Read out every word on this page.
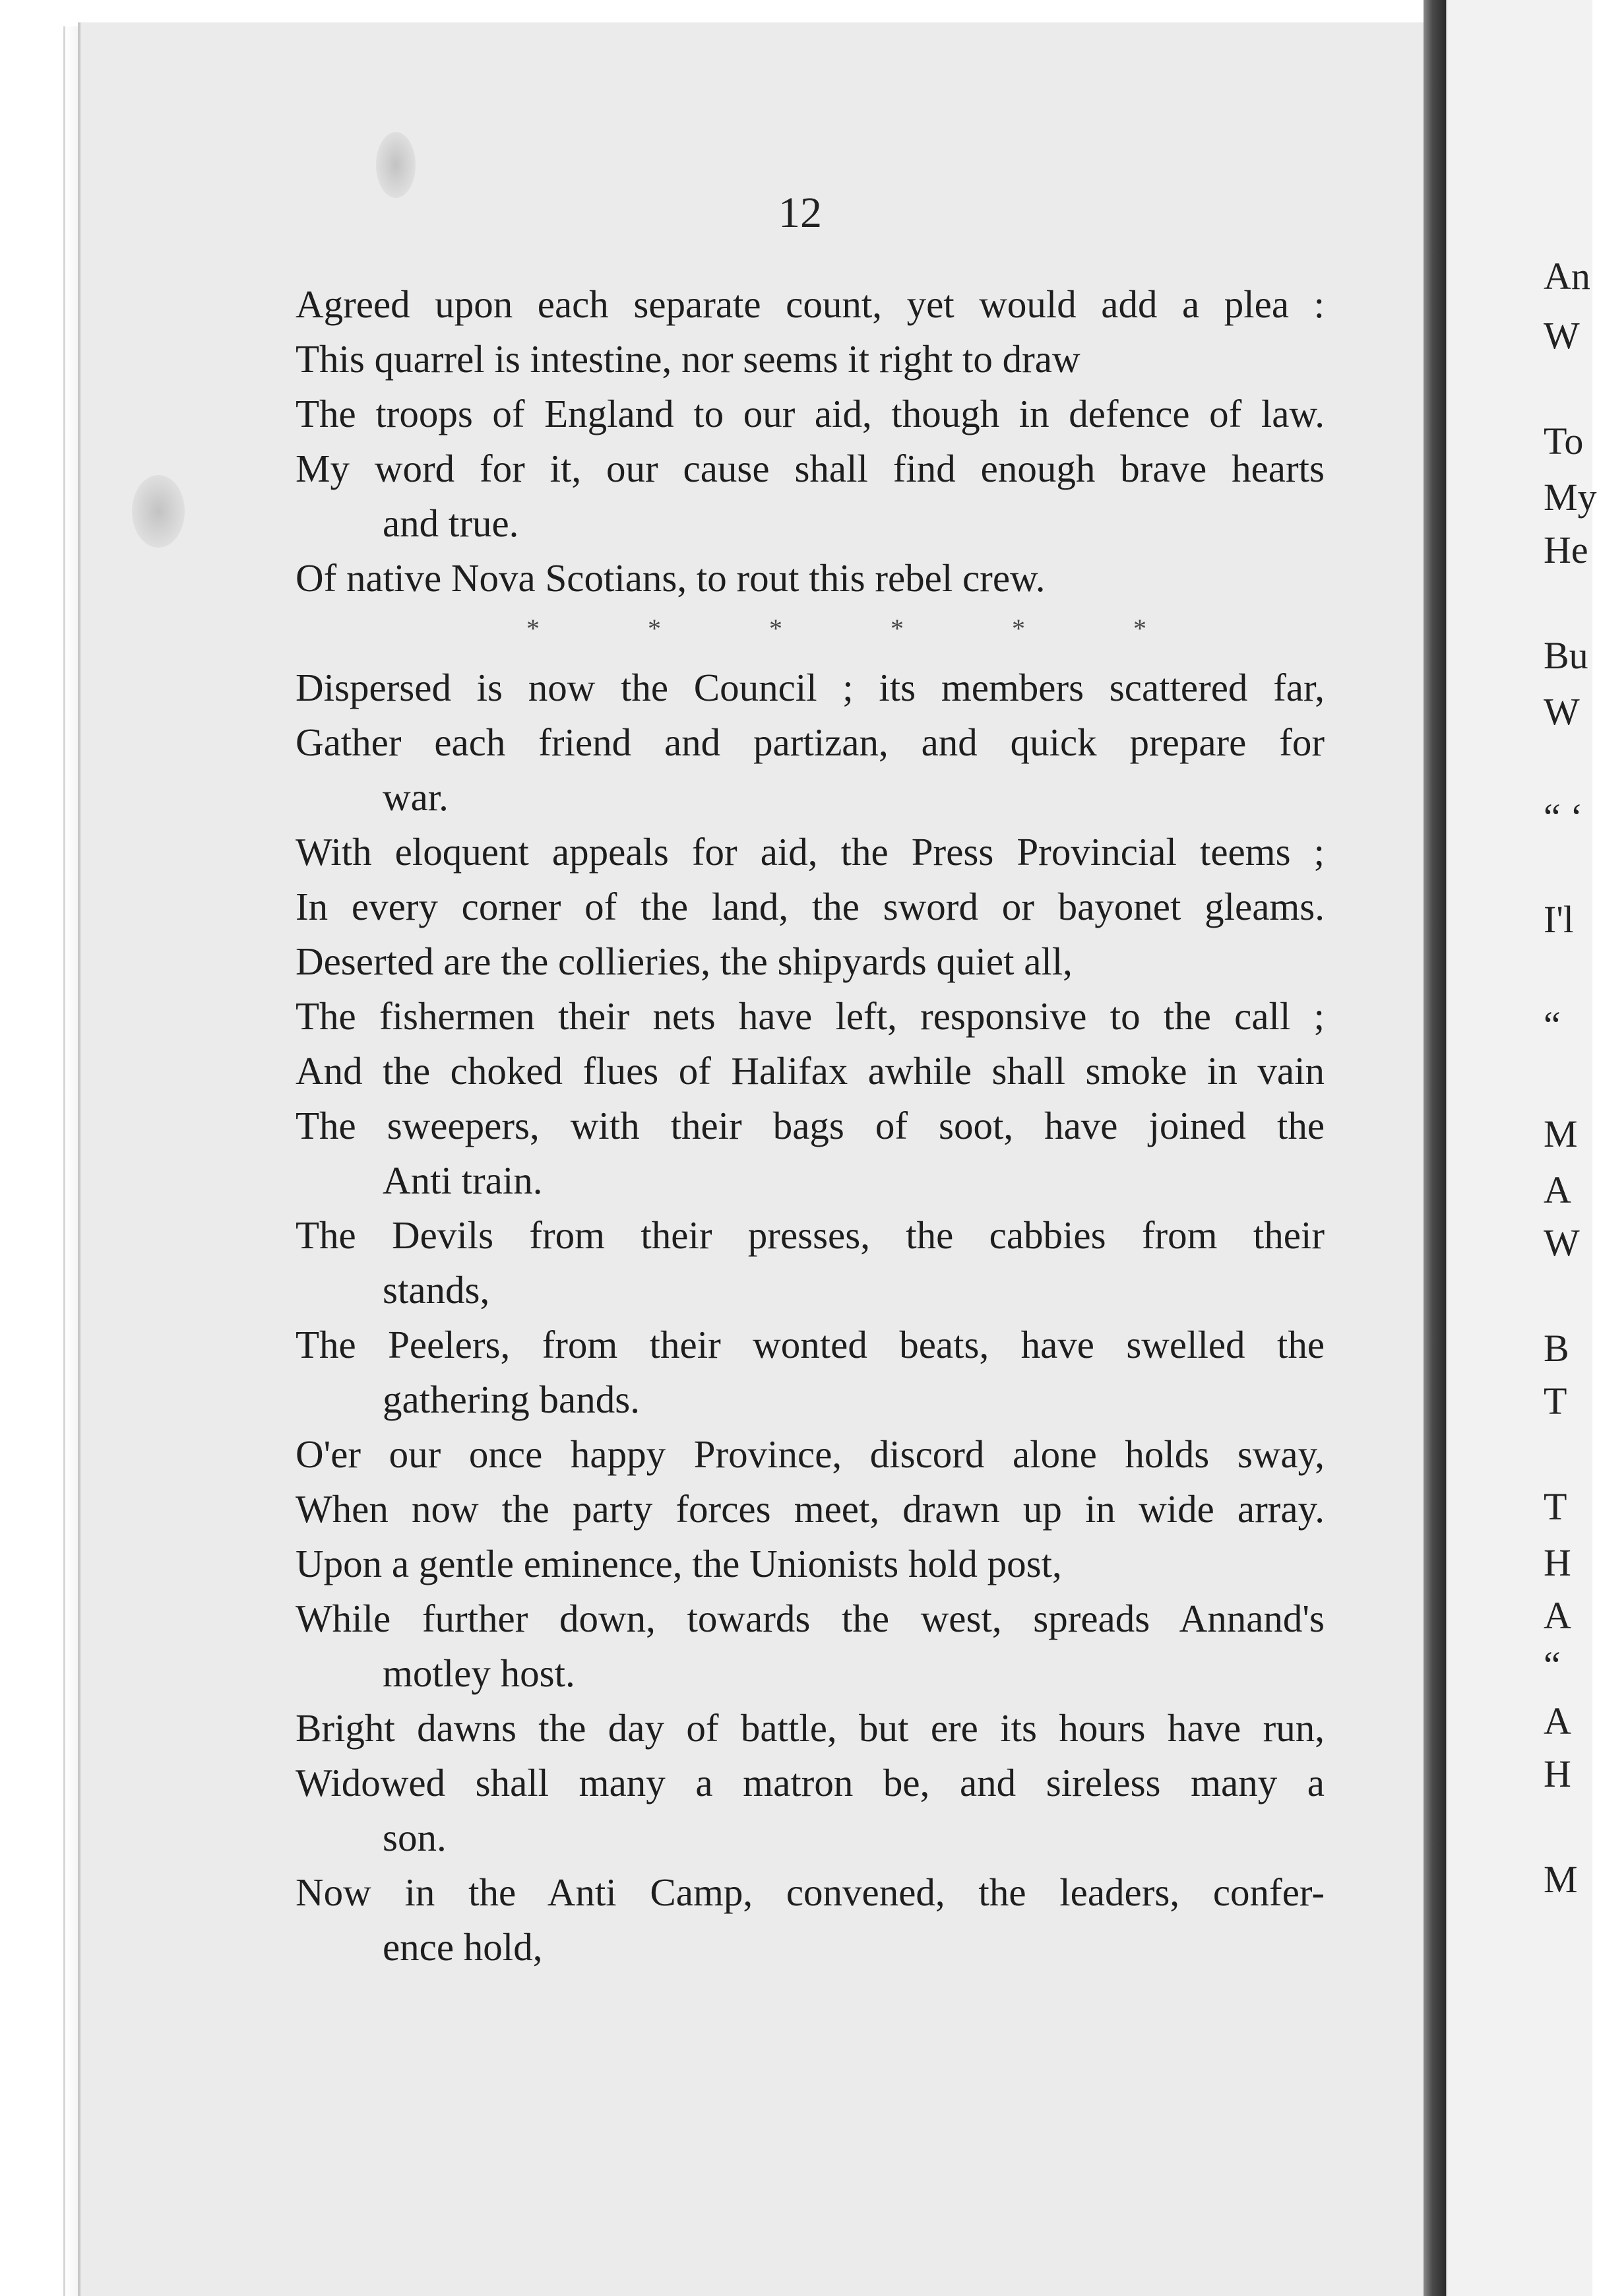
12
Agreed upon each separate count, yet would add a plea :
This quarrel is intestine, nor seems it right to draw
The troops of England to our aid, though in defence of law.
My word for it, our cause shall find enough brave hearts
and true.
Of native Nova Scotians, to rout this rebel crew.
*	*	*	*	*	*
Dispersed is now the Council ; its members scattered far,
Gather each friend and partizan, and quick prepare for
war.
With eloquent appeals for aid, the Press Provincial teems ;
In every corner of the land, the sword or bayonet gleams.
Deserted are the collieries, the shipyards quiet all,
The fishermen their nets have left, responsive to the call ;
And the choked flues of Halifax awhile shall smoke in vain
The sweepers, with their bags of soot, have joined the
Anti train.
The Devils from their presses, the cabbies from their
stands,
The Peelers, from their wonted beats, have swelled the
gathering bands.
O'er our once happy Province, discord alone holds sway,
When now the party forces meet, drawn up in wide array.
Upon a gentle eminence, the Unionists hold post,
While further down, towards the west, spreads Annand's
motley host.
Bright dawns the day of battle, but ere its hours have run,
Widowed shall many a matron be, and sireless many a
son.
Now in the Anti Camp, convened, the leaders, confer-
ence hold,
An
W
To
My
He
Bu
W
“ ‘
I'l
“
M
A
W
B
T
T
H
A
“
A
H
M
